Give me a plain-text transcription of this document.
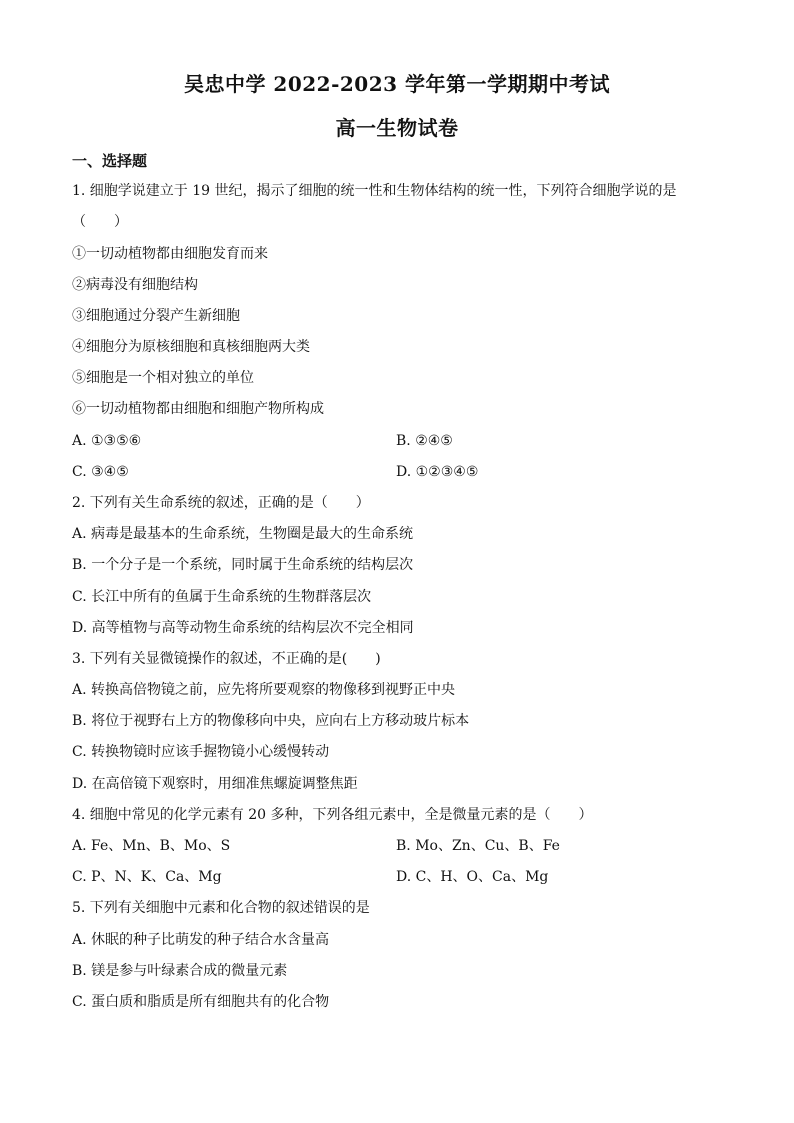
吴忠中学 2022-2023 学年第一学期期中考试
高一生物试卷
一、选择题
1. 细胞学说建立于 19 世纪，揭示了细胞的统一性和生物体结构的统一性，下列符合细胞学说的是
（　　）
①一切动植物都由细胞发育而来
②病毒没有细胞结构
③细胞通过分裂产生新细胞
④细胞分为原核细胞和真核细胞两大类
⑤细胞是一个相对独立的单位
⑥一切动植物都由细胞和细胞产物所构成
A. ①③⑤⑥	B. ②④⑤
C. ③④⑤	D. ①②③④⑤
2. 下列有关生命系统的叙述，正确的是（　　）
A. 病毒是最基本的生命系统，生物圈是最大的生命系统
B. 一个分子是一个系统，同时属于生命系统的结构层次
C. 长江中所有的鱼属于生命系统的生物群落层次
D. 高等植物与高等动物生命系统的结构层次不完全相同
3. 下列有关显微镜操作的叙述，不正确的是(　　)
A. 转换高倍物镜之前，应先将所要观察的物像移到视野正中央
B. 将位于视野右上方的物像移向中央，应向右上方移动玻片标本
C. 转换物镜时应该手握物镜小心缓慢转动
D. 在高倍镜下观察时，用细准焦螺旋调整焦距
4. 细胞中常见的化学元素有 20 多种，下列各组元素中，全是微量元素的是（　　）
A. Fe、Mn、B、Mo、S	B. Mo、Zn、Cu、B、Fe
C. P、N、K、Ca、Mg	D. C、H、O、Ca、Mg
5. 下列有关细胞中元素和化合物的叙述错误的是
A. 休眠的种子比萌发的种子结合水含量高
B. 镁是参与叶绿素合成的微量元素
C. 蛋白质和脂质是所有细胞共有的化合物
